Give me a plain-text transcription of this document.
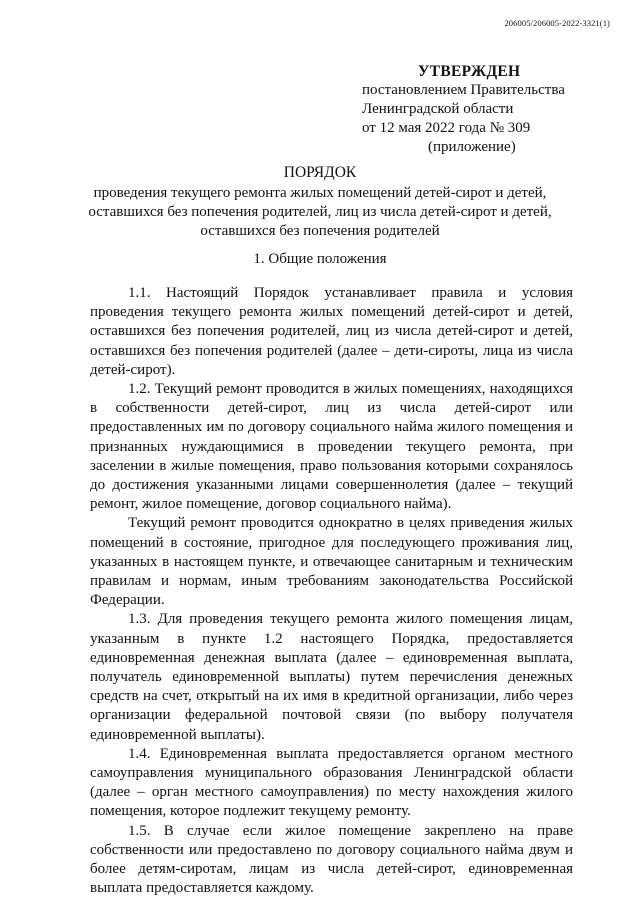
206005/206005-2022-3321(1)
УТВЕРЖДЕН
постановлением Правительства
Ленинградской области
от 12 мая 2022 года № 309
(приложение)
ПОРЯДОК
проведения текущего ремонта жилых помещений детей-сирот и детей, оставшихся без попечения родителей, лиц из числа детей-сирот и детей, оставшихся без попечения родителей
1. Общие положения

1.1. Настоящий Порядок устанавливает правила и условия проведения текущего ремонта жилых помещений детей-сирот и детей, оставшихся без попечения родителей, лиц из числа детей-сирот и детей, оставшихся без попечения родителей (далее – дети-сироты, лица из числа детей-сирот).

1.2. Текущий ремонт проводится в жилых помещениях, находящихся в собственности детей-сирот, лиц из числа детей-сирот или предоставленных им по договору социального найма жилого помещения и признанных нуждающимися в проведении текущего ремонта, при заселении в жилые помещения, право пользования которыми сохранялось до достижения указанными лицами совершеннолетия (далее – текущий ремонт, жилое помещение, договор социального найма).

Текущий ремонт проводится однократно в целях приведения жилых помещений в состояние, пригодное для последующего проживания лиц, указанных в настоящем пункте, и отвечающее санитарным и техническим правилам и нормам, иным требованиям законодательства Российской Федерации.

1.3. Для проведения текущего ремонта жилого помещения лицам, указанным в пункте 1.2 настоящего Порядка, предоставляется единовременная денежная выплата (далее – единовременная выплата, получатель единовременной выплаты) путем перечисления денежных средств на счет, открытый на их имя в кредитной организации, либо через организации федеральной почтовой связи (по выбору получателя единовременной выплаты).

1.4. Единовременная выплата предоставляется органом местного самоуправления муниципального образования Ленинградской области (далее – орган местного самоуправления) по месту нахождения жилого помещения, которое подлежит текущему ремонту.

1.5. В случае если жилое помещение закреплено на праве собственности или предоставлено по договору социального найма двум и более детям-сиротам, лицам из числа детей-сирот, единовременная выплата предоставляется каждому.
